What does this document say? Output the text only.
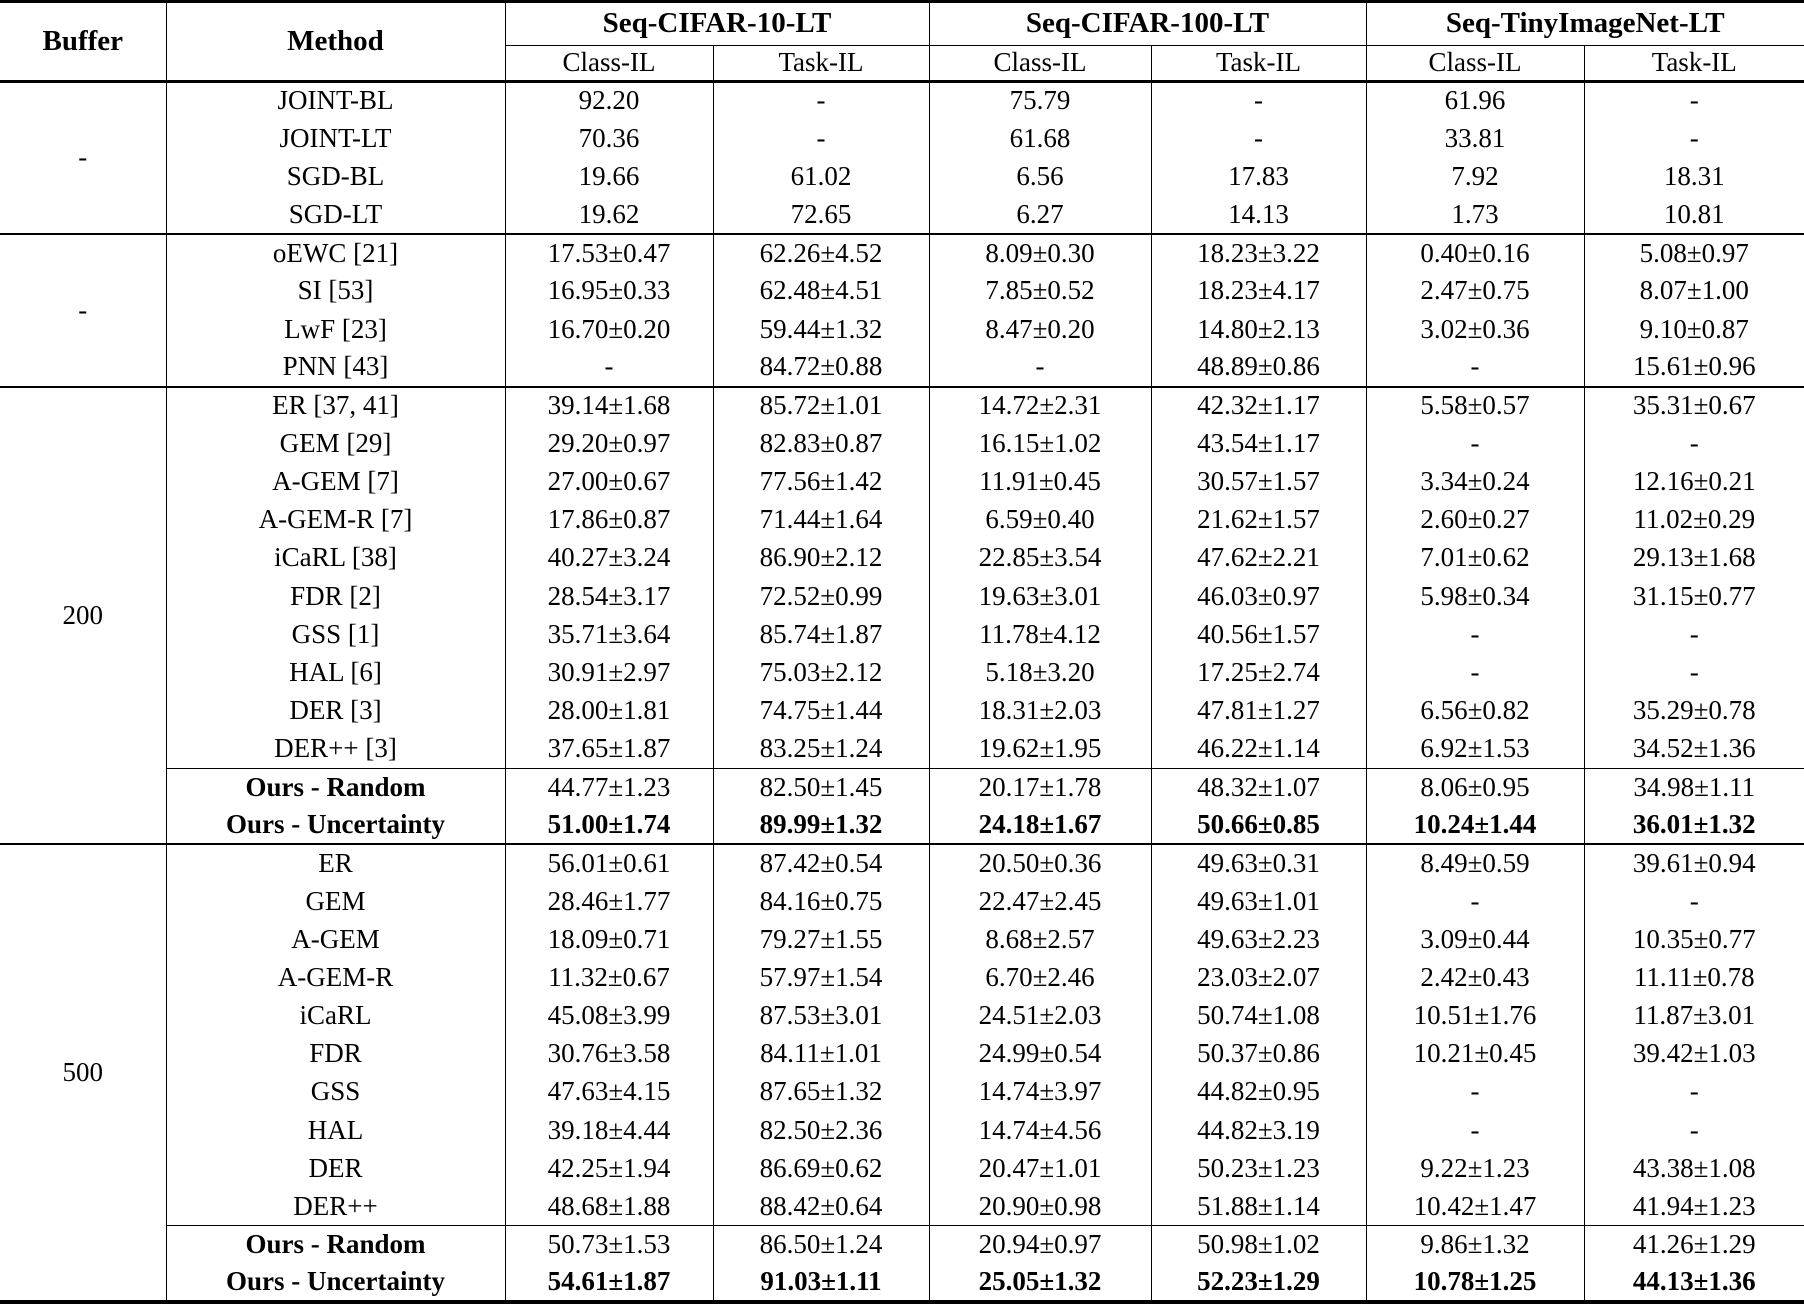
Buffer	Method	Seq-CIFAR-10-LT		Seq-CIFAR-100-LT		Seq-TinyImageNet-LT	
		Class-IL	Task-IL	Class-IL	Task-IL	Class-IL	Task-IL
-	JOINT-BL	92.20	-	75.79	-	61.96	-
	JOINT-LT	70.36	-	61.68	-	33.81	-
	SGD-BL	19.66	61.02	6.56	17.83	7.92	18.31
	SGD-LT	19.62	72.65	6.27	14.13	1.73	10.81
-	oEWC [21]	17.53±0.47	62.26±4.52	8.09±0.30	18.23±3.22	0.40±0.16	5.08±0.97
	SI [53]	16.95±0.33	62.48±4.51	7.85±0.52	18.23±4.17	2.47±0.75	8.07±1.00
	LwF [23]	16.70±0.20	59.44±1.32	8.47±0.20	14.80±2.13	3.02±0.36	9.10±0.87
	PNN [43]	-	84.72±0.88	-	48.89±0.86	-	15.61±0.96
200	ER [37, 41]	39.14±1.68	85.72±1.01	14.72±2.31	42.32±1.17	5.58±0.57	35.31±0.67
	GEM [29]	29.20±0.97	82.83±0.87	16.15±1.02	43.54±1.17	-	-
	A-GEM [7]	27.00±0.67	77.56±1.42	11.91±0.45	30.57±1.57	3.34±0.24	12.16±0.21
	A-GEM-R [7]	17.86±0.87	71.44±1.64	6.59±0.40	21.62±1.57	2.60±0.27	11.02±0.29
	iCaRL [38]	40.27±3.24	86.90±2.12	22.85±3.54	47.62±2.21	7.01±0.62	29.13±1.68
	FDR [2]	28.54±3.17	72.52±0.99	19.63±3.01	46.03±0.97	5.98±0.34	31.15±0.77
	GSS [1]	35.71±3.64	85.74±1.87	11.78±4.12	40.56±1.57	-	-
	HAL [6]	30.91±2.97	75.03±2.12	5.18±3.20	17.25±2.74	-	-
	DER [3]	28.00±1.81	74.75±1.44	18.31±2.03	47.81±1.27	6.56±0.82	35.29±0.78
	DER++ [3]	37.65±1.87	83.25±1.24	19.62±1.95	46.22±1.14	6.92±1.53	34.52±1.36
	Ours - Random	44.77±1.23	82.50±1.45	20.17±1.78	48.32±1.07	8.06±0.95	34.98±1.11
	Ours - Uncertainty	51.00±1.74	89.99±1.32	24.18±1.67	50.66±0.85	10.24±1.44	36.01±1.32
500	ER	56.01±0.61	87.42±0.54	20.50±0.36	49.63±0.31	8.49±0.59	39.61±0.94
	GEM	28.46±1.77	84.16±0.75	22.47±2.45	49.63±1.01	-	-
	A-GEM	18.09±0.71	79.27±1.55	8.68±2.57	49.63±2.23	3.09±0.44	10.35±0.77
	A-GEM-R	11.32±0.67	57.97±1.54	6.70±2.46	23.03±2.07	2.42±0.43	11.11±0.78
	iCaRL	45.08±3.99	87.53±3.01	24.51±2.03	50.74±1.08	10.51±1.76	11.87±3.01
	FDR	30.76±3.58	84.11±1.01	24.99±0.54	50.37±0.86	10.21±0.45	39.42±1.03
	GSS	47.63±4.15	87.65±1.32	14.74±3.97	44.82±0.95	-	-
	HAL	39.18±4.44	82.50±2.36	14.74±4.56	44.82±3.19	-	-
	DER	42.25±1.94	86.69±0.62	20.47±1.01	50.23±1.23	9.22±1.23	43.38±1.08
	DER++	48.68±1.88	88.42±0.64	20.90±0.98	51.88±1.14	10.42±1.47	41.94±1.23
	Ours - Random	50.73±1.53	86.50±1.24	20.94±0.97	50.98±1.02	9.86±1.32	41.26±1.29
	Ours - Uncertainty	54.61±1.87	91.03±1.11	25.05±1.32	52.23±1.29	10.78±1.25	44.13±1.36
